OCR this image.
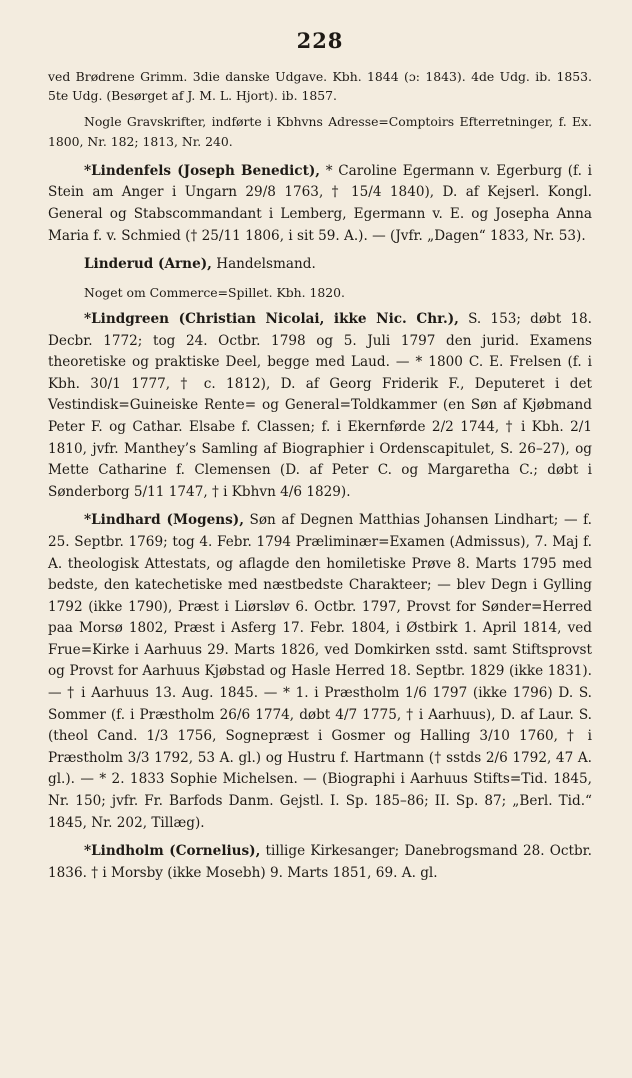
228

ved Brødrene Grimm. 3die danske Udgave. Kbh. 1844 (ɔ: 1843). 4de Udg. ib. 1853. 5te Udg. (Besørget af J. M. L. Hjort). ib. 1857.

Nogle Gravskrifter, indførte i Kbhvns Adresse=Comptoirs Efterretninger, f. Ex. 1800, Nr. 182; 1813, Nr. 240.

*Lindenfels (Joseph Benedict), * Caroline Egermann v. Egerburg (f. i Stein am Anger i Ungarn 29/8 1763, † 15/4 1840), D. af Kejserl. Kongl. General og Stabscommandant i Lemberg, Egermann v. E. og Josepha Anna Maria f. v. Schmied († 25/11 1806, i sit 59. A.). — (Jvfr. „Dagen“ 1833, Nr. 53).

Linderud (Arne), Handelsmand.

Noget om Commerce=Spillet. Kbh. 1820.

*Lindgreen (Christian Nicolai, ikke Nic. Chr.), S. 153; døbt 18. Decbr. 1772; tog 24. Octbr. 1798 og 5. Juli 1797 den jurid. Examens theoretiske og praktiske Deel, begge med Laud. — * 1800 C. E. Frelsen (f. i Kbh. 30/1 1777, † c. 1812), D. af Georg Friderik F., Deputeret i det Vestindisk=Guineiske Rente= og General=Toldkammer (en Søn af Kjøbmand Peter F. og Cathar. Elsabe f. Classen; f. i Ekernførde 2/2 1744, † i Kbh. 2/1 1810, jvfr. Manthey’s Samling af Biographier i Ordenscapitulet, S. 26–27), og Mette Catharine f. Clemensen (D. af Peter C. og Margaretha C.; døbt i Sønderborg 5/11 1747, † i Kbhvn 4/6 1829).

*Lindhard (Mogens), Søn af Degnen Matthias Johansen Lindhart; — f. 25. Septbr. 1769; tog 4. Febr. 1794 Præliminær=Examen (Admissus), 7. Maj f. A. theologisk Attestats, og aflagde den homiletiske Prøve 8. Marts 1795 med bedste, den katechetiske med næstbedste Charakteer; — blev Degn i Gylling 1792 (ikke 1790), Præst i Liørsløv 6. Octbr. 1797, Provst for Sønder=Herred paa Morsø 1802, Præst i Asferg 17. Febr. 1804, i Østbirk 1. April 1814, ved Frue=Kirke i Aarhuus 29. Marts 1826, ved Domkirken sstd. samt Stiftsprovst og Provst for Aarhuus Kjøbstad og Hasle Herred 18. Septbr. 1829 (ikke 1831). — † i Aarhuus 13. Aug. 1845. — * 1. i Præstholm 1/6 1797 (ikke 1796) D. S. Sommer (f. i Præstholm 26/6 1774, døbt 4/7 1775, † i Aarhuus), D. af Laur. S. (theol Cand. 1/3 1756, Sognepræst i Gosmer og Halling 3/10 1760, † i Præstholm 3/3 1792, 53 A. gl.) og Hustru f. Hartmann († sstds 2/6 1792, 47 A. gl.). — * 2. 1833 Sophie Michelsen. — (Biographi i Aarhuus Stifts=Tid. 1845, Nr. 150; jvfr. Fr. Barfods Danm. Gejstl. I. Sp. 185–86; II. Sp. 87; „Berl. Tid.“ 1845, Nr. 202, Tillæg).

*Lindholm (Cornelius), tillige Kirkesanger; Danebrogsmand 28. Octbr. 1836. † i Morsby (ikke Mosebh) 9. Marts 1851, 69. A. gl.
